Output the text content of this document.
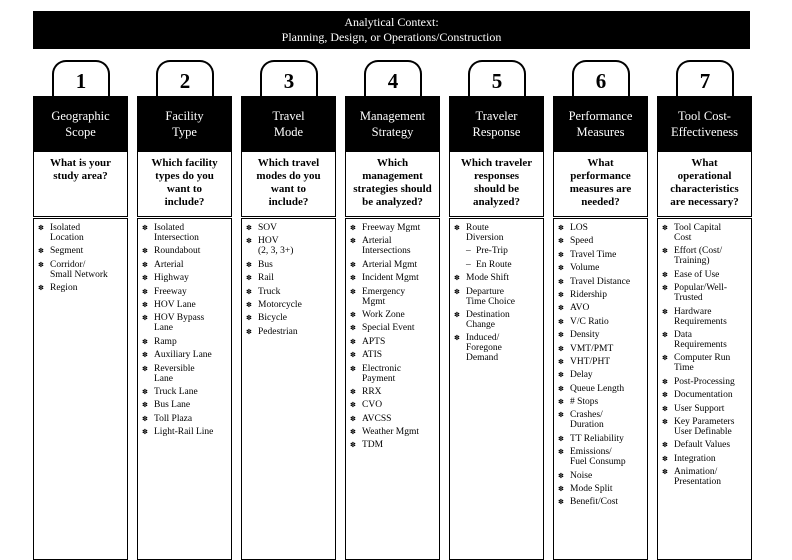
Analytical Context:
Planning, Design, or Operations/Construction
1
Geographic
Scope
What is your
study area?
✽ Isolated
Location
✽ Segment
✽ Corridor/
Small Network
✽ Region
2
Facility
Type
Which facility
types do you
want to
include?
✽ Isolated
Intersection
✽ Roundabout
✽ Arterial
✽ Highway
✽ Freeway
✽ HOV Lane
✽ HOV Bypass
Lane
✽ Ramp
✽ Auxiliary Lane
✽ Reversible
Lane
✽ Truck Lane
✽ Bus Lane
✽ Toll Plaza
✽ Light-Rail Line
3
Travel
Mode
Which travel
modes do you
want to
include?
✽ SOV
✽ HOV
(2, 3, 3+)
✽ Bus
✽ Rail
✽ Truck
✽ Motorcycle
✽ Bicycle
✽ Pedestrian
4
Management
Strategy
Which
management
strategies should
be analyzed?
✽ Freeway Mgmt
✽ Arterial
Intersections
✽ Arterial Mgmt
✽ Incident Mgmt
✽ Emergency
Mgmt
✽ Work Zone
✽ Special Event
✽ APTS
✽ ATIS
✽ Electronic
Payment
✽ RRX
✽ CVO
✽ AVCSS
✽ Weather Mgmt
✽ TDM
5
Traveler
Response
Which traveler
responses
should be
analyzed?
✽ Route
Diversion
– Pre-Trip
– En Route
✽ Mode Shift
✽ Departure
Time Choice
✽ Destination
Change
✽ Induced/
Foregone
Demand
6
Performance
Measures
What
performance
measures are
needed?
✽ LOS
✽ Speed
✽ Travel Time
✽ Volume
✽ Travel Distance
✽ Ridership
✽ AVO
✽ V/C Ratio
✽ Density
✽ VMT/PMT
✽ VHT/PHT
✽ Delay
✽ Queue Length
✽ # Stops
✽ Crashes/
Duration
✽ TT Reliability
✽ Emissions/
Fuel Consump
✽ Noise
✽ Mode Split
✽ Benefit/Cost
7
Tool Cost-
Effectiveness
What
operational
characteristics
are necessary?
✽ Tool Capital
Cost
✽ Effort (Cost/
Training)
✽ Ease of Use
✽ Popular/Well-
Trusted
✽ Hardware
Requirements
✽ Data
Requirements
✽ Computer Run
Time
✽ Post-Processing
✽ Documentation
✽ User Support
✽ Key Parameters
User Definable
✽ Default Values
✽ Integration
✽ Animation/
Presentation
